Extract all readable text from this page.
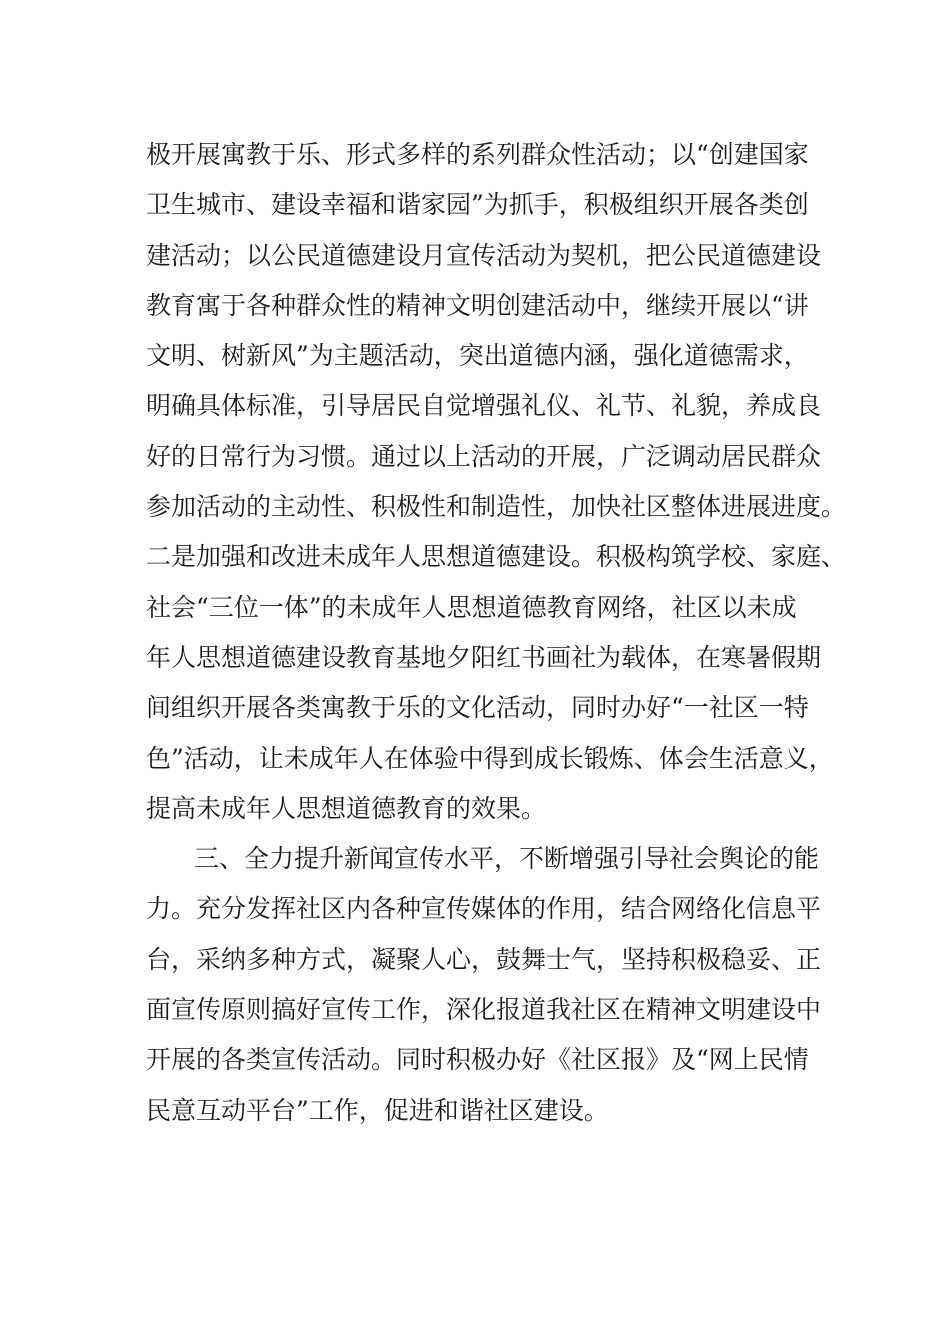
极开展寓教于乐、形式多样的系列群众性活动；以“创建国家
卫生城市、建设幸福和谐家园”为抓手，积极组织开展各类创
建活动；以公民道德建设月宣传活动为契机，把公民道德建设
教育寓于各种群众性的精神文明创建活动中，继续开展以“讲
文明、树新风”为主题活动，突出道德内涵，强化道德需求，
明确具体标准，引导居民自觉增强礼仪、礼节、礼貌，养成良
好的日常行为习惯。通过以上活动的开展，广泛调动居民群众
参加活动的主动性、积极性和制造性，加快社区整体进展进度。
二是加强和改进未成年人思想道德建设。积极构筑学校、家庭、
社会“三位一体”的未成年人思想道德教育网络，社区以未成
年人思想道德建设教育基地夕阳红书画社为载体，在寒暑假期
间组织开展各类寓教于乐的文化活动，同时办好“一社区一特
色”活动，让未成年人在体验中得到成长锻炼、体会生活意义，
提高未成年人思想道德教育的效果。
三、全力提升新闻宣传水平，不断增强引导社会舆论的能
力。充分发挥社区内各种宣传媒体的作用，结合网络化信息平
台，采纳多种方式，凝聚人心，鼓舞士气，坚持积极稳妥、正
面宣传原则搞好宣传工作，深化报道我社区在精神文明建设中
开展的各类宣传活动。同时积极办好《社区报》及“网上民情
民意互动平台”工作，促进和谐社区建设。
